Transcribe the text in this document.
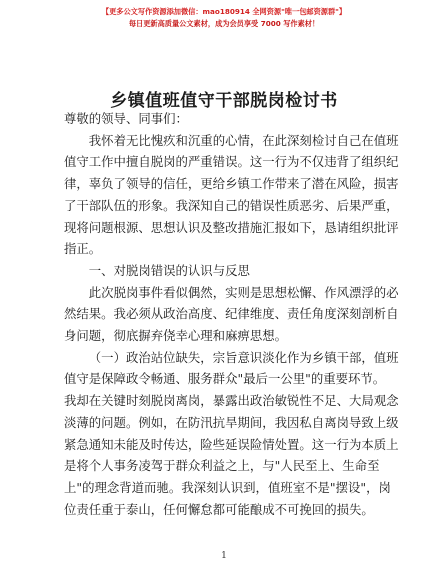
【更多公文写作资源添加微信：mao180914 全网资源"唯一包邮资源群"】
每日更新高质量公文素材，成为会员享受 7000 写作素材！
乡镇值班值守干部脱岗检讨书

尊敬的领导、同事们：

我怀着无比愧疚和沉重的心情，在此深刻检讨自己在值班
值守工作中擅自脱岗的严重错误。这一行为不仅违背了组织纪
律，辜负了领导的信任，更给乡镇工作带来了潜在风险，损害
了干部队伍的形象。我深知自己的错误性质恶劣、后果严重，
现将问题根源、思想认识及整改措施汇报如下，恳请组织批评
指正。

一、对脱岗错误的认识与反思

此次脱岗事件看似偶然，实则是思想松懈、作风漂浮的必
然结果。我必须从政治高度、纪律维度、责任角度深刻剖析自
身问题，彻底摒弃侥幸心理和麻痹思想。

（一）政治站位缺失，宗旨意识淡化作为乡镇干部，值班
值守是保障政令畅通、服务群众"最后一公里"的重要环节。
我却在关键时刻脱岗离岗，暴露出政治敏锐性不足、大局观念
淡薄的问题。例如，在防汛抗旱期间，我因私自离岗导致上级
紧急通知未能及时传达，险些延误险情处置。这一行为本质上
是将个人事务凌驾于群众利益之上，与"人民至上、生命至
上"的理念背道而驰。我深刻认识到，值班室不是"摆设"，岗
位责任重于泰山，任何懈怠都可能酿成不可挽回的损失。

1
